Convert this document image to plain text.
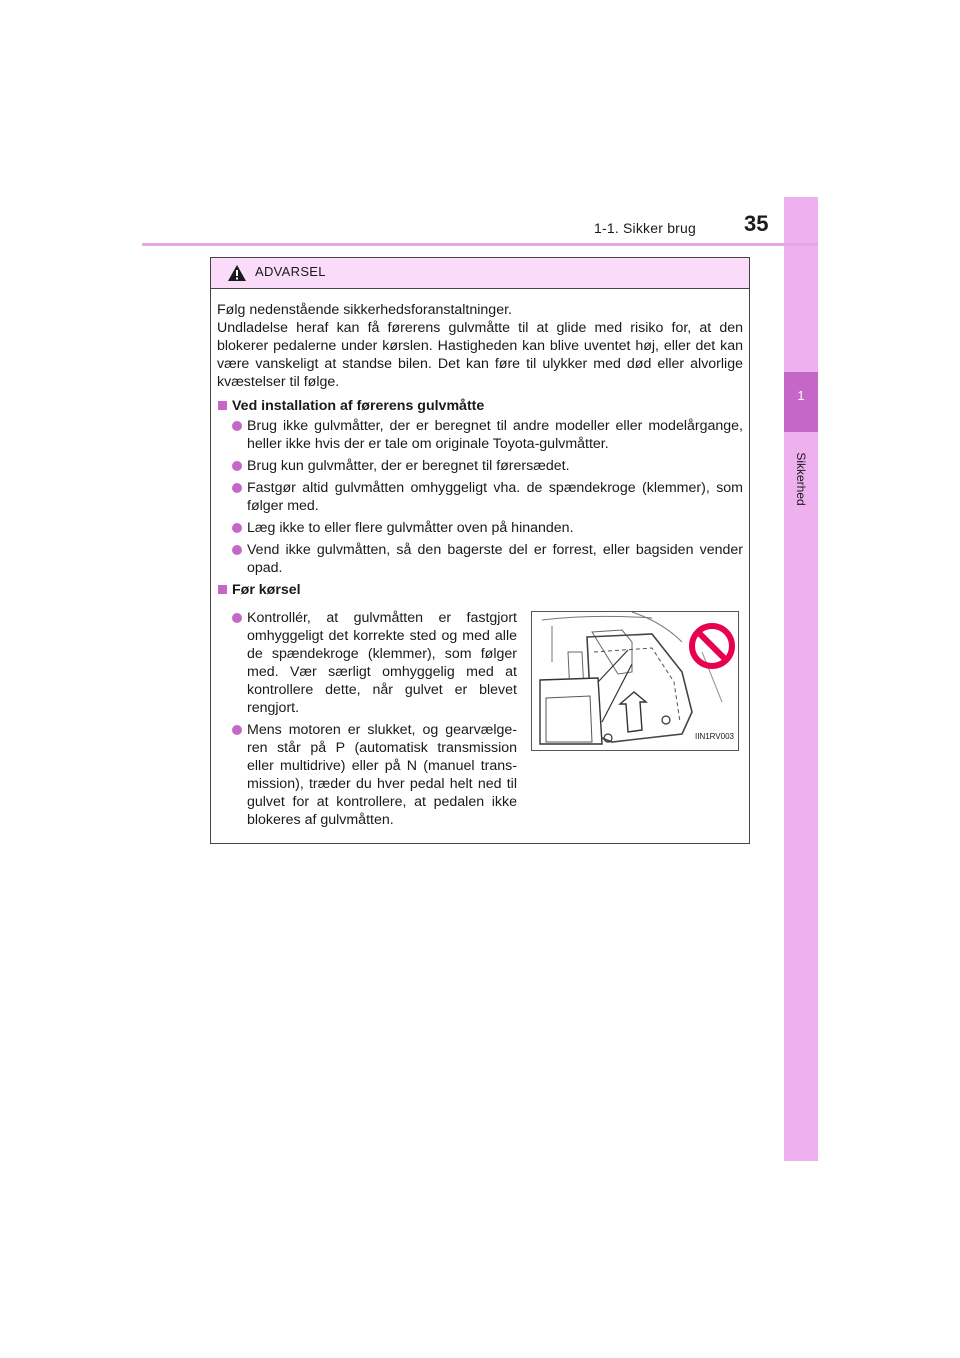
1
Sikkerhed
1-1. Sikker brug 35
ADVARSEL

Følg nedenstående sikkerhedsforanstaltninger.

Undladelse heraf kan få førerens gulvmåtte til at glide med risiko for, at den blokerer pedalerne under kørslen. Hastigheden kan blive uventet høj, eller det kan være vanskeligt at standse bilen. Det kan føre til ulykker med død eller alvorlige kvæstelser til følge.

Ved installation af førerens gulvmåtte
Brug ikke gulvmåtter, der er beregnet til andre modeller eller modelårgange, heller ikke hvis der er tale om originale Toyota-gulvmåtter.
Brug kun gulvmåtter, der er beregnet til førersædet.
Fastgør altid gulvmåtten omhyggeligt vha. de spændekroge (klemmer), som følger med.
Læg ikke to eller flere gulvmåtter oven på hinanden.
Vend ikke gulvmåtten, så den bagerste del er forrest, eller bagsiden vender opad.
Før kørsel
Kontrollér, at gulvmåtten er fastgjort omhyggeligt det korrekte sted og med alle de spændekroge (klemmer), som følger med. Vær særligt omhyggelig med at kontrollere dette, når gulvet er blevet rengjort.
Mens motoren er slukket, og gearvælge-ren står på P (automatisk transmission eller multidrive) eller på N (manuel trans-mission), træder du hver pedal helt ned til gulvet for at kontrollere, at pedalen ikke blokeres af gulvmåtten.
IIN1RV003
